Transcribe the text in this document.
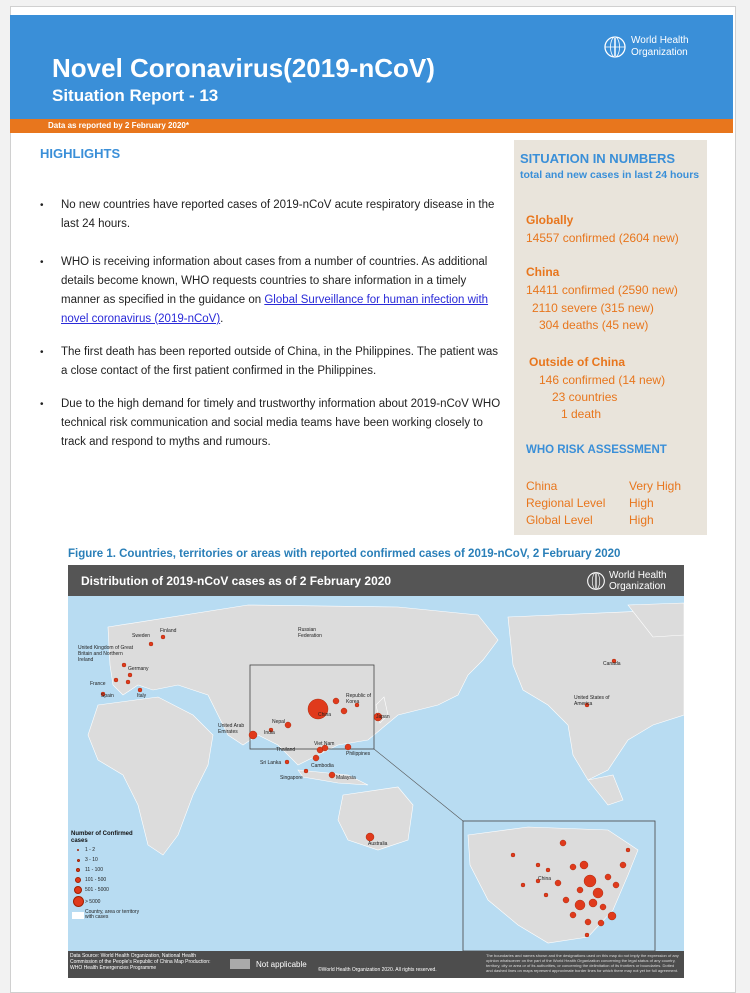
Novel Coronavirus(2019-nCoV)
Situation Report - 13
World Health
Organization
Data as reported by 2 February 2020*
HIGHLIGHTS
• No new countries have reported cases of 2019-nCoV acute respiratory disease in the last 24 hours.
• WHO is receiving information about cases from a number of countries. As additional details become known, WHO requests countries to share information in a timely manner as specified in the guidance on Global Surveillance for human infection with novel coronavirus (2019-nCoV).
• The first death has been reported outside of China, in the Philippines. The patient was a close contact of the first patient confirmed in the Philippines.
• Due to the high demand for timely and trustworthy information about 2019-nCoV WHO technical risk communication and social media teams have been working closely to track and respond to myths and rumours.
SITUATION IN NUMBERS
total and new cases in last 24 hours
Globally
14557 confirmed (2604 new)
China
14411 confirmed (2590 new)
2110 severe (315 new)
304 deaths (45 new)
Outside of China
146 confirmed (14 new)
23 countries
1 death
WHO RISK ASSESSMENT
China	Very High
Regional Level	High
Global Level	High
Figure 1. Countries, territories or areas with reported confirmed cases of 2019-nCoV, 2 February 2020
Distribution of 2019-nCoV cases as of 2 February 2020	World Health
Organization
Finland
Sweden
United Kingdom of Great Britain and Northern Ireland
Germany
France
Spain	Italy
Russian Federation
Canada
United States of America
Republic of Korea
Japan
China
Nepal
India
United Arab Emirates
Thailand
Viet Nam
Cambodia
Philippines
Sri Lanka
Singapore	Malaysia
Australia
China
Number of Confirmed cases
1 - 2
3 - 10
11 - 100
101 - 500
501 - 5000
> 5000
Country, area or territory with cases
Data Source: World Health Organization, National Health Commission of the People's Republic of China Map Production: WHO Health Emergencies Programme	Not applicable
©World Health Organization 2020. All rights reserved.
The boundaries and names shown and the designations used on this map do not imply the expression of any opinion whatsoever on the part of the World Health Organization concerning the legal status of any country, territory, city or area or of its authorities, or concerning the delimitation of its frontiers or boundaries. Dotted and dashed lines on maps represent approximate border lines for which there may not yet be full agreement.
